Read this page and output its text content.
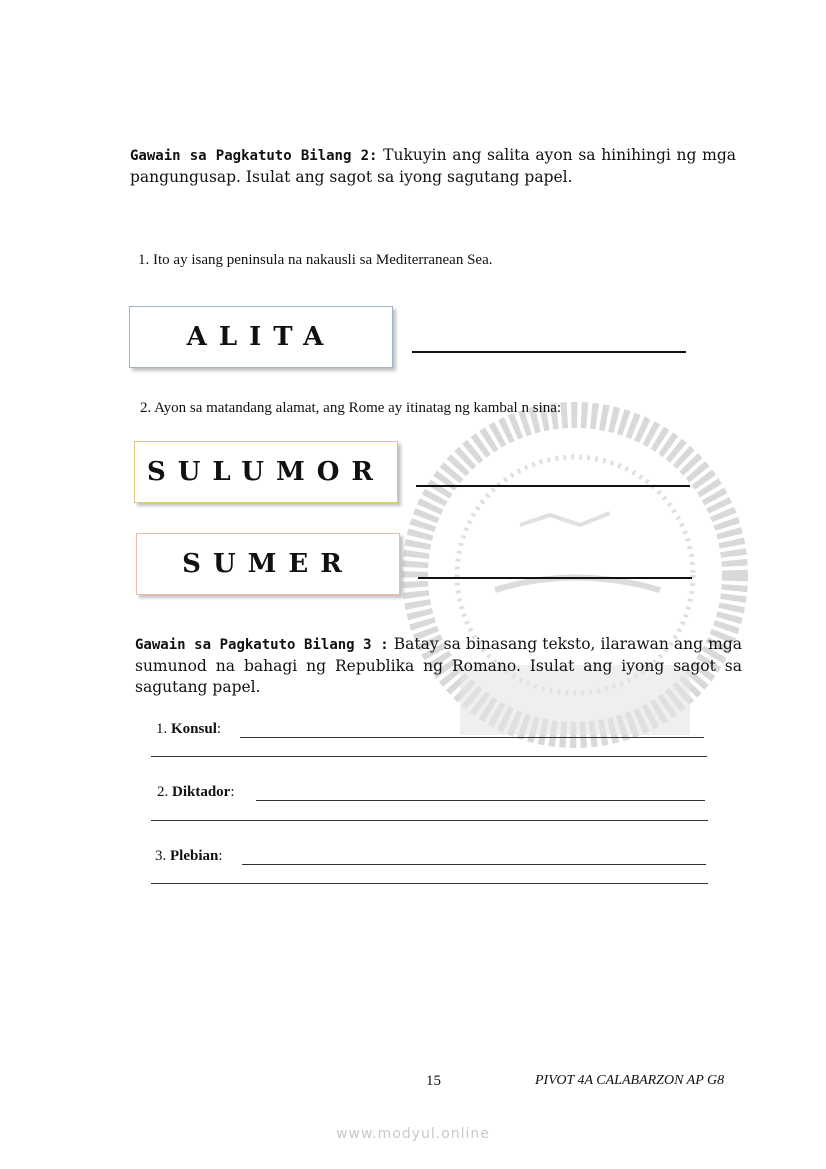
Gawain sa Pagkatuto Bilang 2: Tukuyin ang salita ayon sa hinihingi ng mga pangungusap. Isulat ang sagot sa iyong sagutang papel.
1. Ito ay isang peninsula na nakausli sa Mediterranean Sea.
ALITA
2. Ayon sa matandang alamat, ang Rome ay itinatag ng kambal n sina:
SULUMOR
SUMER
Gawain sa Pagkatuto Bilang 3 : Batay sa binasang teksto, ilarawan ang mga sumunod na bahagi ng Republika ng Romano. Isulat ang iyong sagot sa sagutang papel.
1. Konsul:
2. Diktador:
3. Plebian:
15	PIVOT 4A CALABARZON AP G8
www.modyul.online
